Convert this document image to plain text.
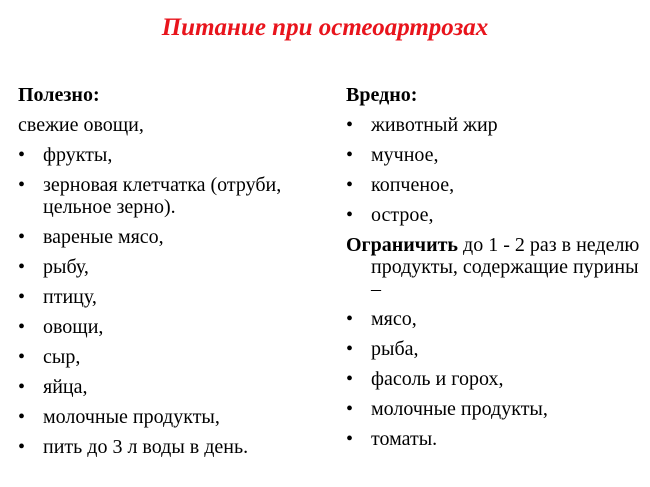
Питание при остеоартрозах
Полезно:
свежие овощи,
• фрукты,
• зерновая клетчатка (отруби, цельное зерно).
• вареные мясо,
• рыбу,
• птицу,
• овощи,
• сыр,
• яйца,
• молочные продукты,
• пить до 3 л воды в день.
Вредно:
• животный жир
• мучное,
• копченое,
• острое,
Ограничить до 1 - 2 раз в неделю продукты, содержащие пурины –
• мясо,
• рыба,
• фасоль и горох,
• молочные продукты,
• томаты.
